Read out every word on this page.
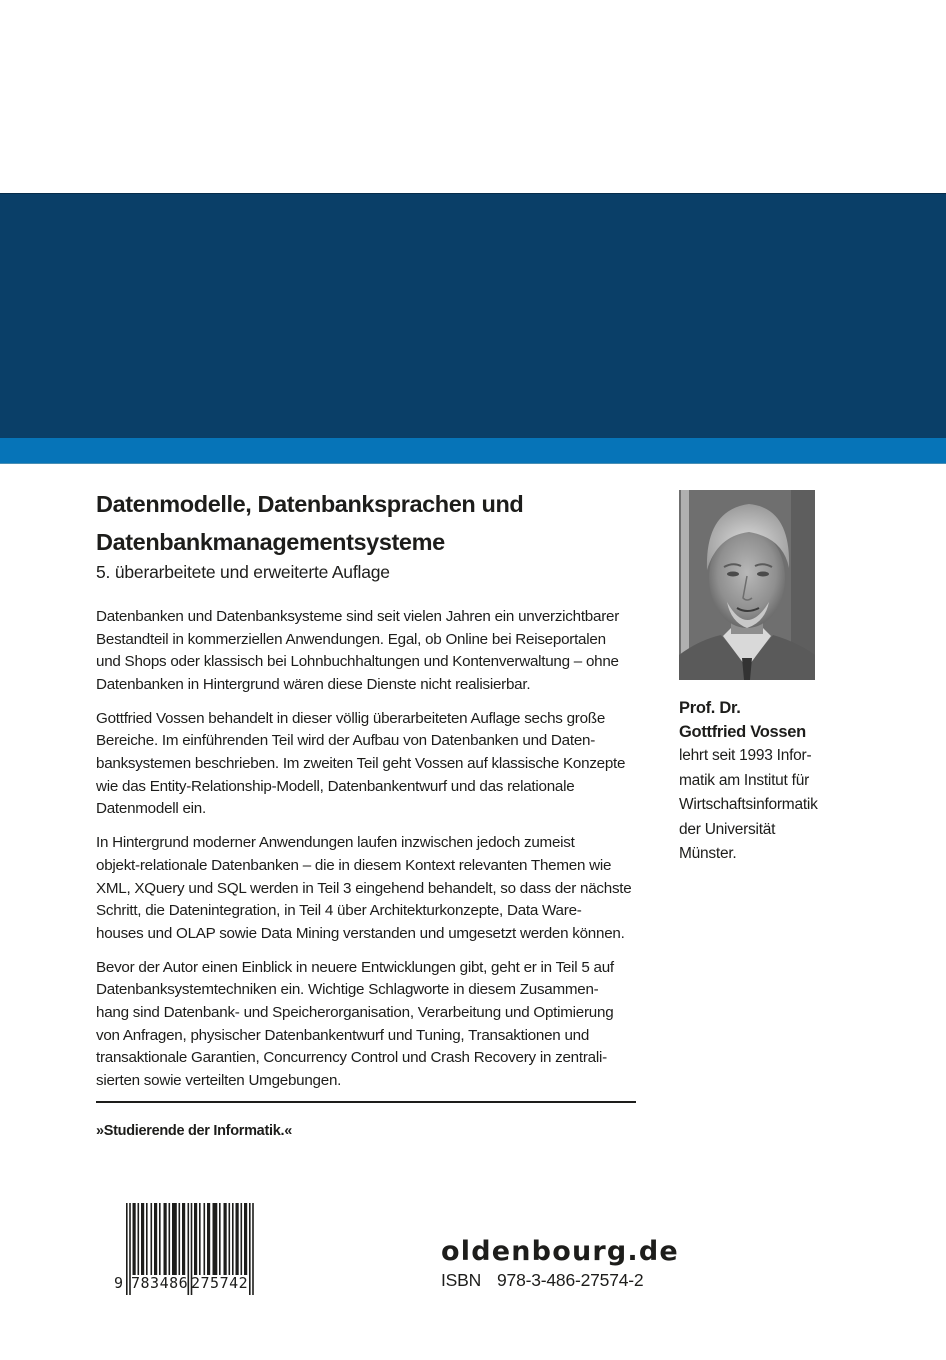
Datenmodelle, Datenbanksprachen und
Datenbankmanagementsysteme
5. überarbeitete und erweiterte Auflage

Datenbanken und Datenbanksysteme sind seit vielen Jahren ein unverzichtbarer
Bestandteil in kommerziellen Anwendungen. Egal, ob Online bei Reiseportalen
und Shops oder klassisch bei Lohnbuchhaltungen und Kontenverwaltung – ohne
Datenbanken in Hintergrund wären diese Dienste nicht realisierbar.

Gottfried Vossen behandelt in dieser völlig überarbeiteten Auflage sechs große
Bereiche. Im einführenden Teil wird der Aufbau von Datenbanken und Daten-
banksystemen beschrieben. Im zweiten Teil geht Vossen auf klassische Konzepte
wie das Entity-Relationship-Modell, Datenbankentwurf und das relationale
Datenmodell ein.

In Hintergrund moderner Anwendungen laufen inzwischen jedoch zumeist
objekt-relationale Datenbanken – die in diesem Kontext relevanten Themen wie
XML, XQuery und SQL werden in Teil 3 eingehend behandelt, so dass der nächste
Schritt, die Datenintegration, in Teil 4 über Architekturkonzepte, Data Ware-
houses und OLAP sowie Data Mining verstanden und umgesetzt werden können.

Bevor der Autor einen Einblick in neuere Entwicklungen gibt, geht er in Teil 5 auf
Datenbanksystemtechniken ein. Wichtige Schlagworte in diesem Zusammen-
hang sind Datenbank- und Speicherorganisation, Verarbeitung und Optimierung
von Anfragen, physischer Datenbankentwurf und Tuning, Transaktionen und
transaktionale Garantien, Concurrency Control und Crash Recovery in zentrali-
sierten sowie verteilten Umgebungen.

»Studierende der Informatik.«
Prof. Dr.
Gottfried Vossen
lehrt seit 1993 Infor-
matik am Institut für
Wirtschaftsinformatik
der Universität
Münster.
9 783486 275742
oldenbourg.de
ISBN 978-3-486-27574-2
